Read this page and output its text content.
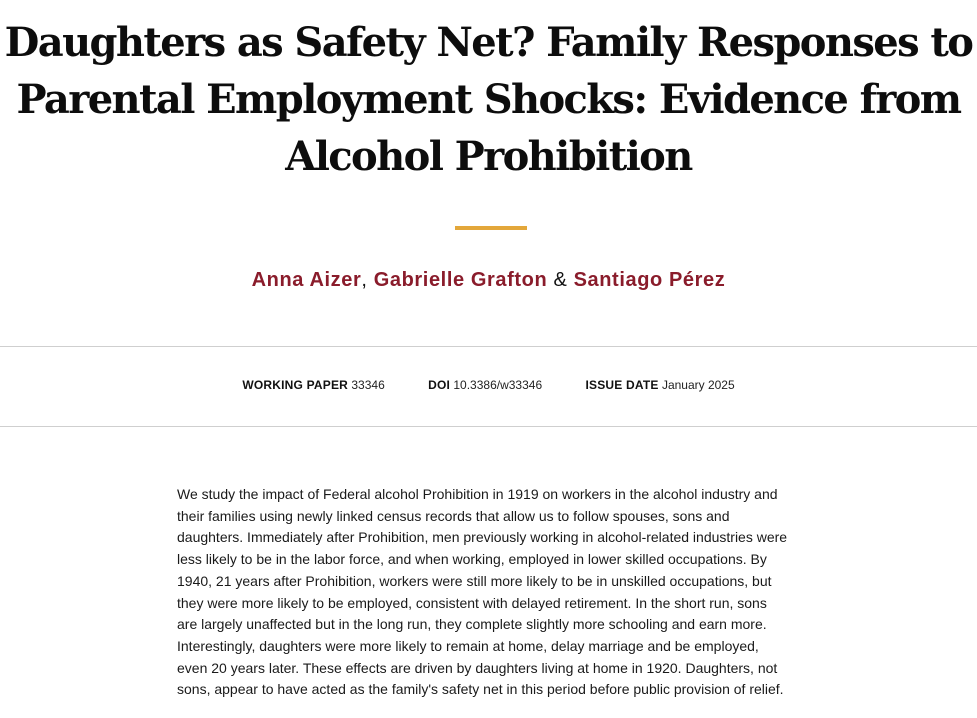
Daughters as Safety Net? Family Responses to
Parental Employment Shocks: Evidence from
Alcohol Prohibition
Anna Aizer, Gabrielle Grafton & Santiago Pérez
WORKING PAPER 33346	DOI 10.3386/w33346	ISSUE DATE January 2025
We study the impact of Federal alcohol Prohibition in 1919 on workers in the alcohol industry and
their families using newly linked census records that allow us to follow spouses, sons and
daughters. Immediately after Prohibition, men previously working in alcohol-related industries were
less likely to be in the labor force, and when working, employed in lower skilled occupations. By
1940, 21 years after Prohibition, workers were still more likely to be in unskilled occupations, but
they were more likely to be employed, consistent with delayed retirement. In the short run, sons
are largely unaffected but in the long run, they complete slightly more schooling and earn more.
Interestingly, daughters were more likely to remain at home, delay marriage and be employed,
even 20 years later. These effects are driven by daughters living at home in 1920. Daughters, not
sons, appear to have acted as the family's safety net in this period before public provision of relief.
